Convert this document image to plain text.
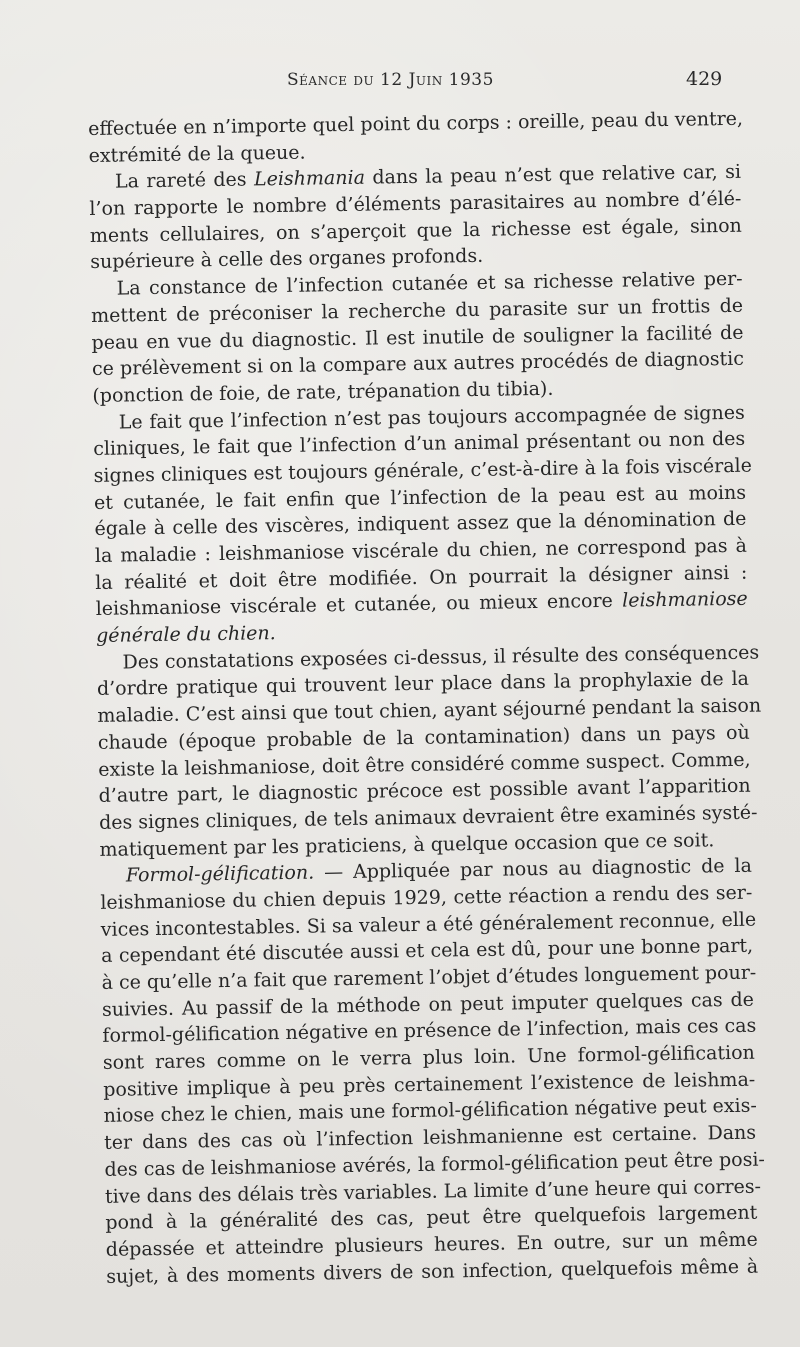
Séance du 12 Juin 1935	429
effectuée en n’importe quel point du corps : oreille, peau du ventre,
extrémité de la queue.
La rareté des Leishmania dans la peau n’est que relative car, si
l’on rapporte le nombre d’éléments parasitaires au nombre d’élé-
ments cellulaires, on s’aperçoit que la richesse est égale, sinon
supérieure à celle des organes profonds.
La constance de l’infection cutanée et sa richesse relative per-
mettent de préconiser la recherche du parasite sur un frottis de
peau en vue du diagnostic. Il est inutile de souligner la facilité de
ce prélèvement si on la compare aux autres procédés de diagnostic
(ponction de foie, de rate, trépanation du tibia).
Le fait que l’infection n’est pas toujours accompagnée de signes
cliniques, le fait que l’infection d’un animal présentant ou non des
signes cliniques est toujours générale, c’est-à-dire à la fois viscérale
et cutanée, le fait enfin que l’infection de la peau est au moins
égale à celle des viscères, indiquent assez que la dénomination de
la maladie : leishmaniose viscérale du chien, ne correspond pas à
la réalité et doit être modifiée. On pourrait la désigner ainsi :
leishmaniose viscérale et cutanée, ou mieux encore leishmaniose
générale du chien.
Des constatations exposées ci-dessus, il résulte des conséquences
d’ordre pratique qui trouvent leur place dans la prophylaxie de la
maladie. C’est ainsi que tout chien, ayant séjourné pendant la saison
chaude (époque probable de la contamination) dans un pays où
existe la leishmaniose, doit être considéré comme suspect. Comme,
d’autre part, le diagnostic précoce est possible avant l’apparition
des signes cliniques, de tels animaux devraient être examinés systé-
matiquement par les praticiens, à quelque occasion que ce soit.
Formol-gélification. — Appliquée par nous au diagnostic de la
leishmaniose du chien depuis 1929, cette réaction a rendu des ser-
vices incontestables. Si sa valeur a été généralement reconnue, elle
a cependant été discutée aussi et cela est dû, pour une bonne part,
à ce qu’elle n’a fait que rarement l’objet d’études longuement pour-
suivies. Au passif de la méthode on peut imputer quelques cas de
formol-gélification négative en présence de l’infection, mais ces cas
sont rares comme on le verra plus loin. Une formol-gélification
positive implique à peu près certainement l’existence de leishma-
niose chez le chien, mais une formol-gélification négative peut exis-
ter dans des cas où l’infection leishmanienne est certaine. Dans
des cas de leishmaniose avérés, la formol-gélification peut être posi-
tive dans des délais très variables. La limite d’une heure qui corres-
pond à la généralité des cas, peut être quelquefois largement
dépassée et atteindre plusieurs heures. En outre, sur un même
sujet, à des moments divers de son infection, quelquefois même à
